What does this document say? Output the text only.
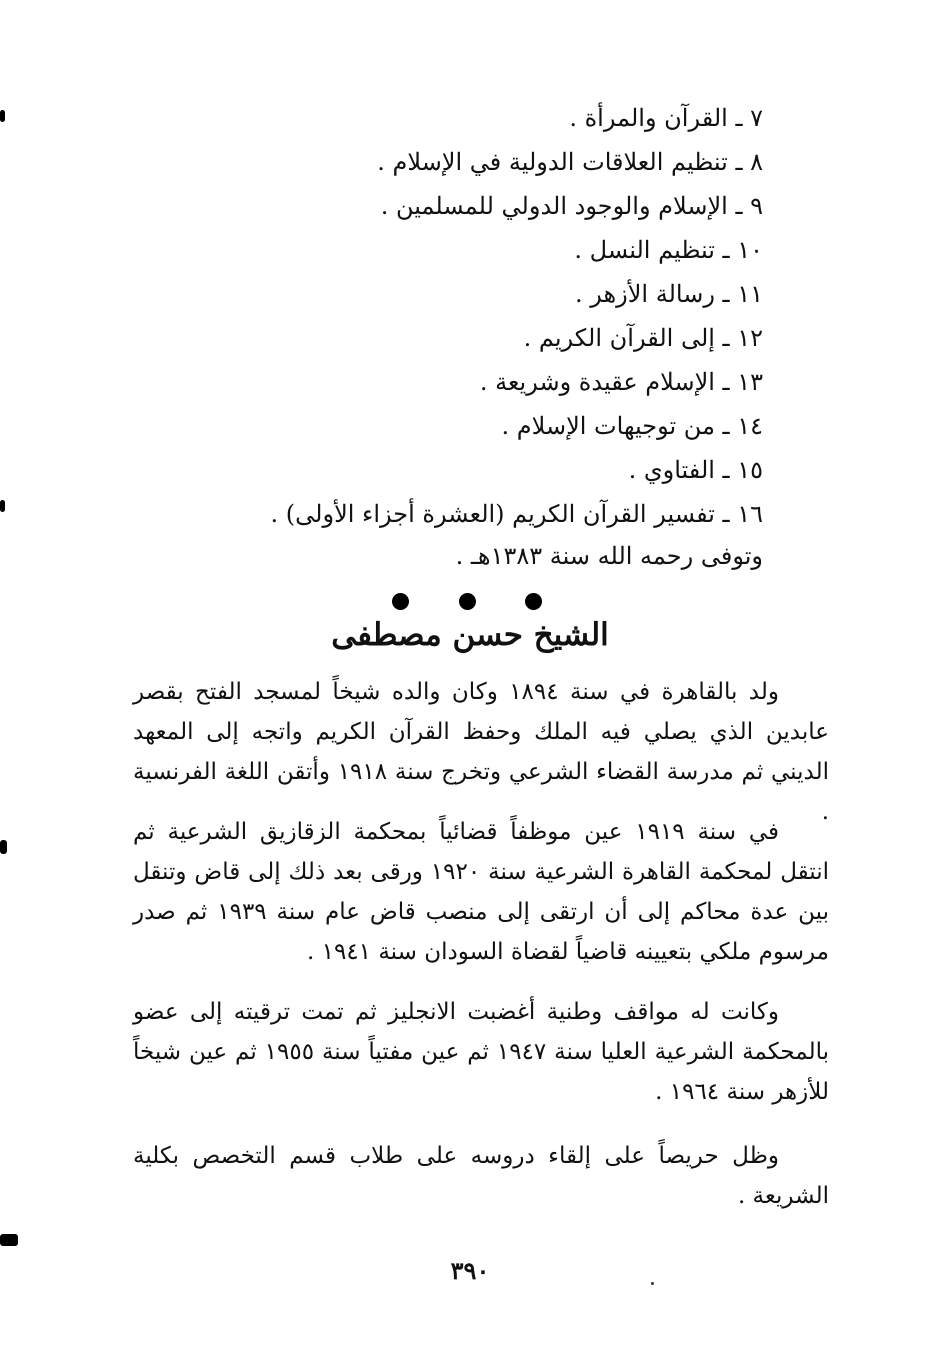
٧ ـ القرآن والمرأة .
٨ ـ تنظيم العلاقات الدولية في الإسلام .
٩ ـ الإسلام والوجود الدولي للمسلمين .
١٠ ـ تنظيم النسل .
١١ ـ رسالة الأزهر .
١٢ ـ إلى القرآن الكريم .
١٣ ـ الإسلام عقيدة وشريعة .
١٤ ـ من توجيهات الإسلام .
١٥ ـ الفتاوي .
١٦ ـ تفسير القرآن الكريم (العشرة أجزاء الأولى) .
وتوفى رحمه الله سنة ١٣٨٣هـ .
الشيخ حسن مصطفى

ولد بالقاهرة في سنة ١٨٩٤ وكان والده شيخاً لمسجد الفتح بقصر عابدين الذي يصلي فيه الملك وحفظ القرآن الكريم واتجه إلى المعهد الديني ثم مدرسة القضاء الشرعي وتخرج سنة ١٩١٨ وأتقن اللغة الفرنسية .

في سنة ١٩١٩ عين موظفاً قضائياً بمحكمة الزقازيق الشرعية ثم انتقل لمحكمة القاهرة الشرعية سنة ١٩٢٠ ورقى بعد ذلك إلى قاض وتنقل بين عدة محاكم إلى أن ارتقى إلى منصب قاض عام سنة ١٩٣٩ ثم صدر مرسوم ملكي بتعيينه قاضياً لقضاة السودان سنة ١٩٤١ .

وكانت له مواقف وطنية أغضبت الانجليز ثم تمت ترقيته إلى عضو بالمحكمة الشرعية العليا سنة ١٩٤٧ ثم عين مفتياً سنة ١٩٥٥ ثم عين شيخاً للأزهر سنة ١٩٦٤ .

وظل حريصاً على إلقاء دروسه على طلاب قسم التخصص بكلية الشريعة .

٣٩٠
